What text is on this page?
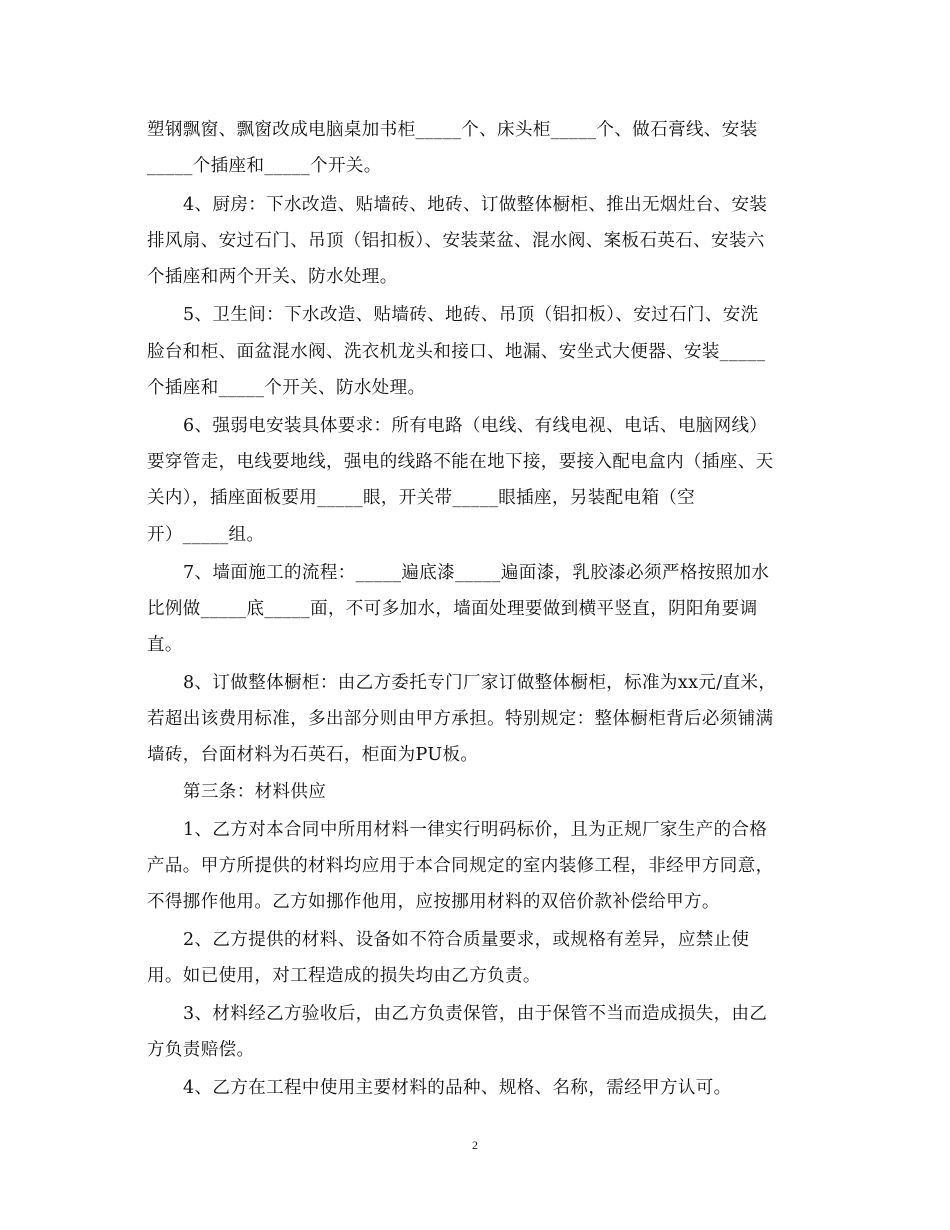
塑钢飘窗、飘窗改成电脑桌加书柜_____个、床头柜_____个、做石膏线、安装
_____个插座和_____个开关。
4、厨房：下水改造、贴墙砖、地砖、订做整体橱柜、推出无烟灶台、安装
排风扇、安过石门、吊顶（铝扣板）、安装菜盆、混水阀、案板石英石、安装六
个插座和两个开关、防水处理。
5、卫生间：下水改造、贴墙砖、地砖、吊顶（铝扣板）、安过石门、安洗
脸台和柜、面盆混水阀、洗衣机龙头和接口、地漏、安坐式大便器、安装_____
个插座和_____个开关、防水处理。
6、强弱电安装具体要求：所有电路（电线、有线电视、电话、电脑网线）
要穿管走，电线要地线，强电的线路不能在地下接，要接入配电盒内（插座、天
关内），插座面板要用_____眼，开关带_____眼插座，另装配电箱（空
开）_____组。
7、墙面施工的流程：_____遍底漆_____遍面漆，乳胶漆必须严格按照加水
比例做_____底_____面，不可多加水，墙面处理要做到横平竖直，阴阳角要调
直。
8、订做整体橱柜：由乙方委托专门厂家订做整体橱柜，标准为xx元/直米，
若超出该费用标准，多出部分则由甲方承担。特别规定：整体橱柜背后必须铺满
墙砖，台面材料为石英石，柜面为PU板。
第三条：材料供应
1、乙方对本合同中所用材料一律实行明码标价，且为正规厂家生产的合格
产品。甲方所提供的材料均应用于本合同规定的室内装修工程，非经甲方同意，
不得挪作他用。乙方如挪作他用，应按挪用材料的双倍价款补偿给甲方。
2、乙方提供的材料、设备如不符合质量要求，或规格有差异，应禁止使
用。如已使用，对工程造成的损失均由乙方负责。
3、材料经乙方验收后，由乙方负责保管，由于保管不当而造成损失，由乙
方负责赔偿。
4、乙方在工程中使用主要材料的品种、规格、名称，需经甲方认可。
2
